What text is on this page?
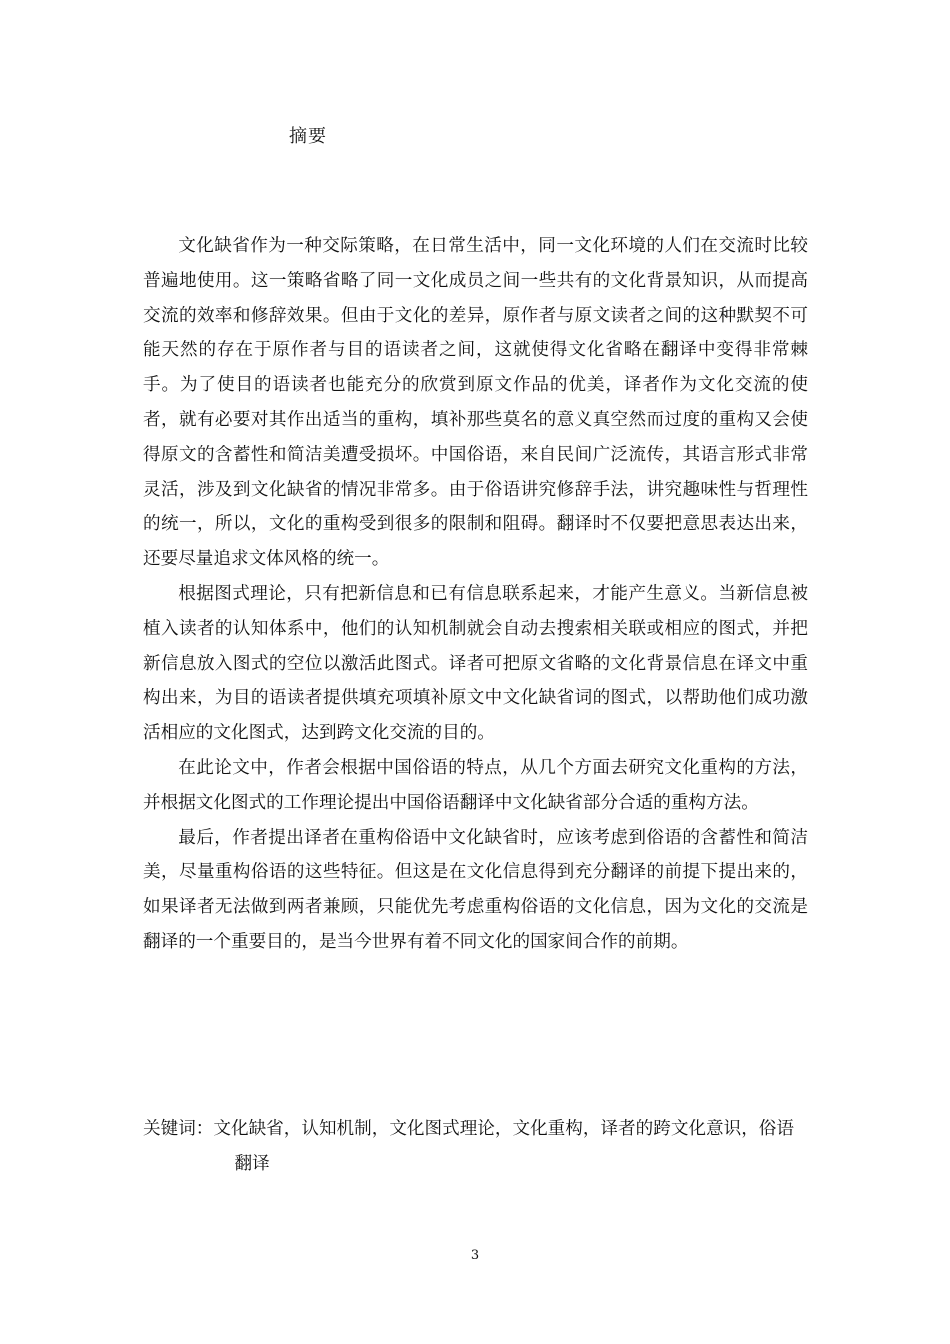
摘要

文化缺省作为一种交际策略，在日常生活中，同一文化环境的人们在交流时比较普遍地使用。这一策略省略了同一文化成员之间一些共有的文化背景知识，从而提高交流的效率和修辞效果。但由于文化的差异，原作者与原文读者之间的这种默契不可能天然的存在于原作者与目的语读者之间，这就使得文化省略在翻译中变得非常棘手。为了使目的语读者也能充分的欣赏到原文作品的优美，译者作为文化交流的使者，就有必要对其作出适当的重构，填补那些莫名的意义真空然而过度的重构又会使得原文的含蓄性和简洁美遭受损坏。中国俗语，来自民间广泛流传，其语言形式非常灵活，涉及到文化缺省的情况非常多。由于俗语讲究修辞手法，讲究趣味性与哲理性的统一，所以，文化的重构受到很多的限制和阻碍。翻译时不仅要把意思表达出来，还要尽量追求文体风格的统一。

根据图式理论，只有把新信息和已有信息联系起来，才能产生意义。当新信息被植入读者的认知体系中，他们的认知机制就会自动去搜索相关联或相应的图式，并把新信息放入图式的空位以激活此图式。译者可把原文省略的文化背景信息在译文中重构出来，为目的语读者提供填充项填补原文中文化缺省词的图式，以帮助他们成功激活相应的文化图式，达到跨文化交流的目的。

在此论文中，作者会根据中国俗语的特点，从几个方面去研究文化重构的方法，并根据文化图式的工作理论提出中国俗语翻译中文化缺省部分合适的重构方法。

最后，作者提出译者在重构俗语中文化缺省时，应该考虑到俗语的含蓄性和简洁美，尽量重构俗语的这些特征。但这是在文化信息得到充分翻译的前提下提出来的，如果译者无法做到两者兼顾，只能优先考虑重构俗语的文化信息，因为文化的交流是翻译的一个重要目的，是当今世界有着不同文化的国家间合作的前期。

关键词：文化缺省，认知机制，文化图式理论，文化重构，译者的跨文化意识，俗语
翻译

3
